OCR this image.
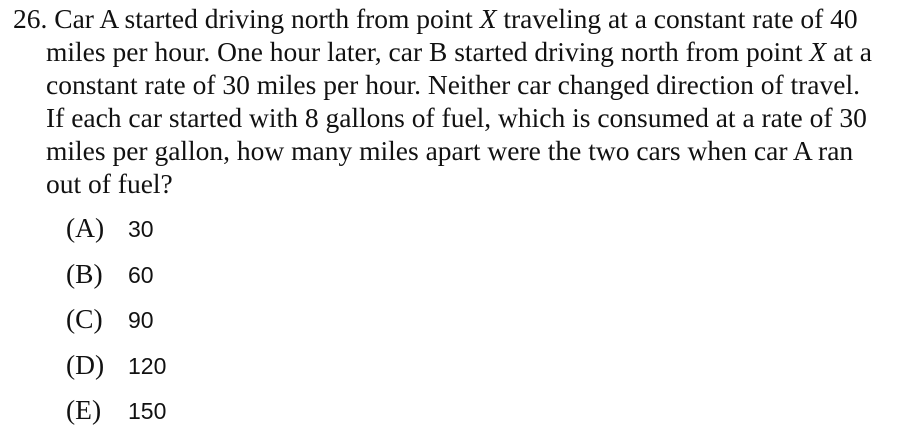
26. Car A started driving north from point X traveling at a constant rate of 40
miles per hour. One hour later, car B started driving north from point X at a
constant rate of 30 miles per hour. Neither car changed direction of travel.
If each car started with 8 gallons of fuel, which is consumed at a rate of 30
miles per gallon, how many miles apart were the two cars when car A ran
out of fuel?
(A) 30
(B) 60
(C) 90
(D) 120
(E) 150
